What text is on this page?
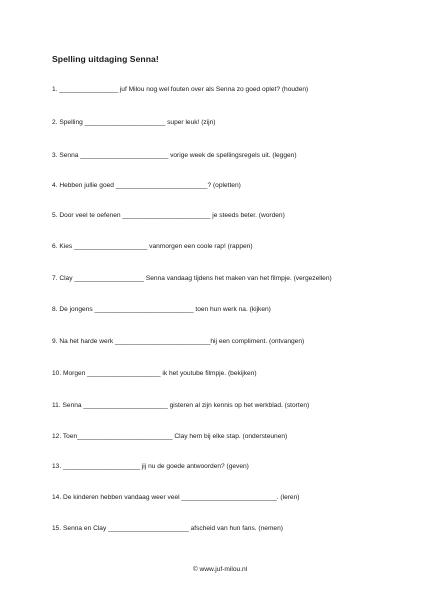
Spelling uitdaging Senna!
1. ________________ juf Milou nog wel fouten over als Senna zo goed oplet? (houden)
2. Spelling ______________________ super leuk! (zijn)
3. Senna ________________________ vorige week de spellingsregels uit. (leggen)
4. Hebben jullie goed _________________________? (opletten)
5. Door veel te oefenen ________________________ je steeds beter. (worden)
6. Kies ____________________ vanmorgen een coole rap! (rappen)
7. Clay ___________________ Senna vandaag tijdens het maken van het filmpje. (vergezellen)
8. De jongens ___________________________ toen hun werk na. (kijken)
9. Na het harde werk __________________________hij een compliment. (ontvangen)
10. Morgen ____________________ ik het youtube filmpje. (bekijken)
11. Senna _______________________ gisteren al zijn kennis op het werkblad. (storten)
12. Toen__________________________ Clay hem bij elke stap. (ondersteunen)
13. _____________________ jij nu de goede antwoorden? (geven)
14. De kinderen hebben vandaag weer veel __________________________. (leren)
15. Senna en Clay ______________________ afscheid van hun fans. (nemen)
© www.juf-milou.nl
